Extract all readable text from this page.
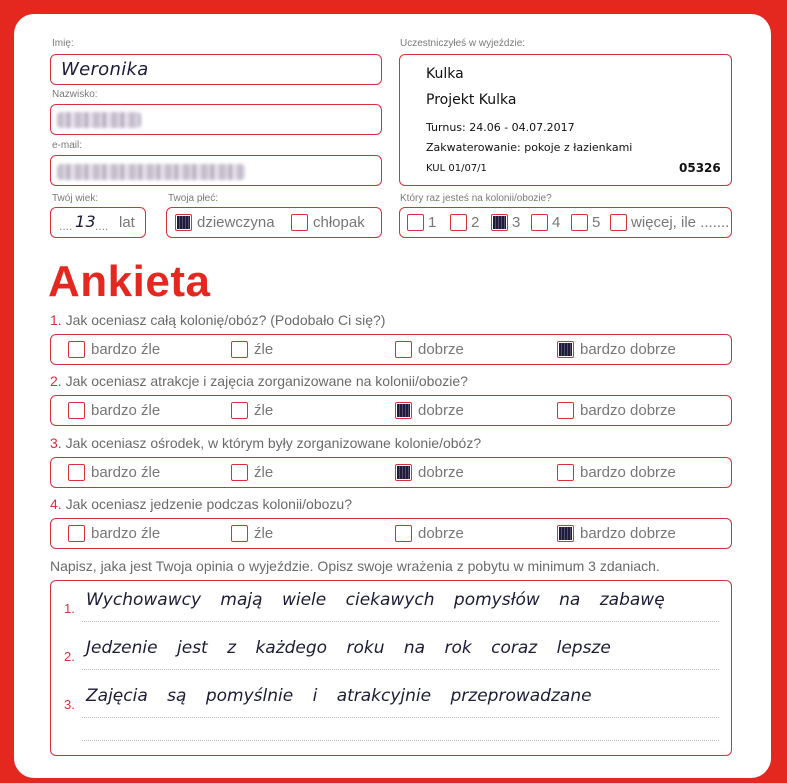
Imię:
Weronika
Nazwisko:
e-mail:
Twój wiek:
.... 13 .... lat
Twoja płeć:
dziewczyna	chłopak
Uczestniczyłeś w wyjeździe:
Kulka
Projekt Kulka
Turnus: 24.06 - 04.07.2017
Zakwaterowanie: pokoje z łazienkami
KUL 01/07/1	05326
Który raz jesteś na kolonii/obozie?
1 2 3 4 5 więcej, ile .......
Ankieta
1. Jak oceniasz całą kolonię/obóz? (Podobało Ci się?)
bardzo źle	źle	dobrze	bardzo dobrze
2. Jak oceniasz atrakcje i zajęcia zorganizowane na kolonii/obozie?
bardzo źle	źle	dobrze	bardzo dobrze
3. Jak oceniasz ośrodek, w którym były zorganizowane kolonie/obóz?
bardzo źle	źle	dobrze	bardzo dobrze
4. Jak oceniasz jedzenie podczas kolonii/obozu?
bardzo źle	źle	dobrze	bardzo dobrze
Napisz, jaka jest Twoja opinia o wyjeździe. Opisz swoje wrażenia z pobytu w minimum 3 zdaniach.
1. Wychowawcy mają wiele ciekawych pomysłów na zabawę
2. Jedzenie jest z każdego roku na rok coraz lepsze
3. Zajęcia są pomyślnie i atrakcyjnie przeprowadzane
